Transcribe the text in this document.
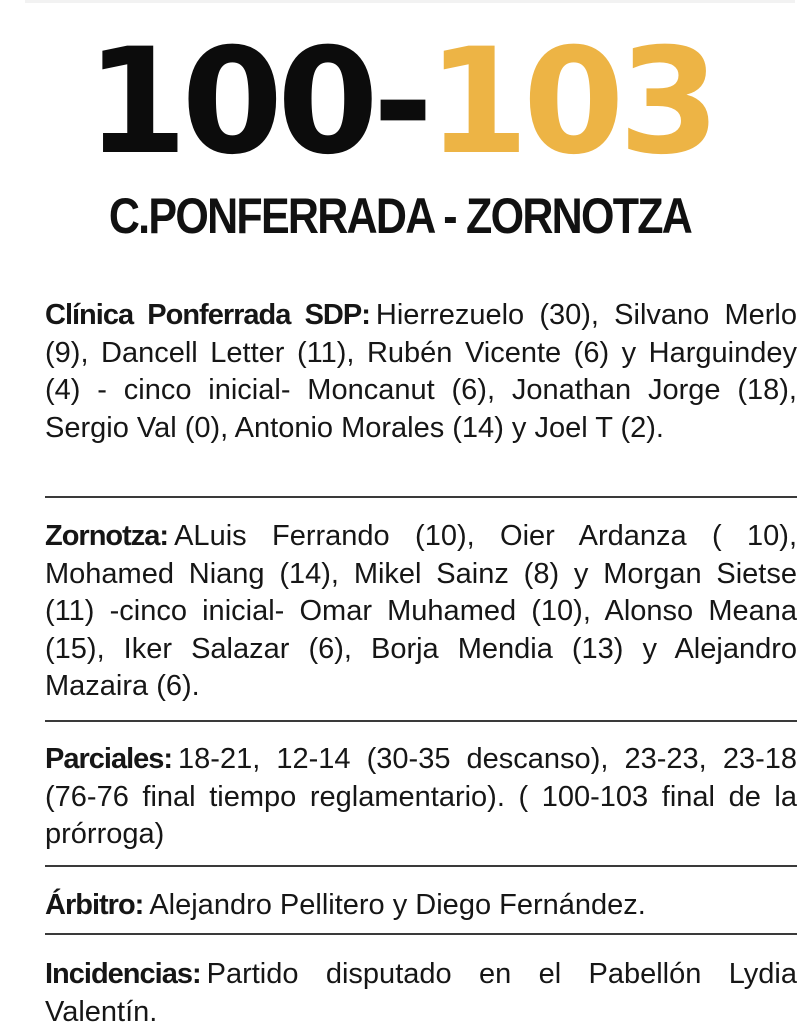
100-103
C.PONFERRADA - ZORNOTZA
Clínica Ponferrada SDP: Hierrezuelo (30), Silvano Merlo (9), Dancell Letter (11), Rubén Vicente (6) y Harguindey (4) - cinco inicial- Moncanut (6), Jonathan Jorge (18), Sergio Val (0), Antonio Morales (14) y Joel T (2).
Zornotza: ALuis Ferrando (10), Oier Ardanza ( 10), Mohamed Niang (14), Mikel Sainz (8) y Morgan Sietse (11) -cinco inicial- Omar Muhamed (10), Alonso Meana (15), Iker Salazar (6), Borja Mendia (13) y Alejandro Mazaira (6).
Parciales: 18-21, 12-14 (30-35 descanso), 23-23, 23-18 (76-76 final tiempo reglamentario). ( 100-103 final de la prórroga)
Árbitro: Alejandro Pellitero y Diego Fernández.
Incidencias: Partido disputado en el Pabellón Lydia Valentín.
